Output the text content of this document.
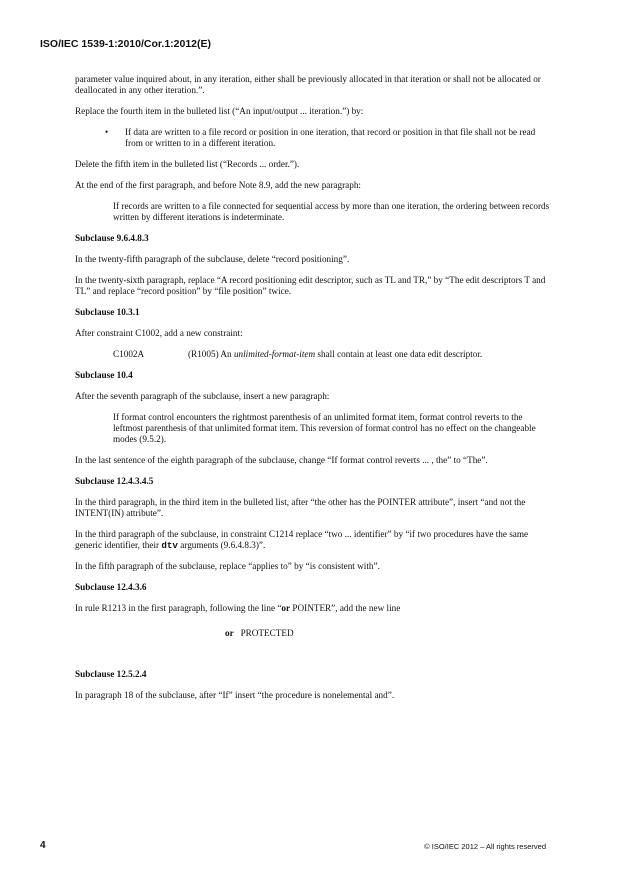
ISO/IEC 1539-1:2010/Cor.1:2012(E)

parameter value inquired about, in any iteration, either shall be previously allocated in that iteration or shall not be allocated or deallocated in any other iteration.”.

Replace the fourth item in the bulleted list (“An input/output ... iteration.”) by:

• If data are written to a file record or position in one iteration, that record or position in that file shall not be read from or written to in a different iteration.

Delete the fifth item in the bulleted list (“Records ... order.”).

At the end of the first paragraph, and before Note 8.9, add the new paragraph:

If records are written to a file connected for sequential access by more than one iteration, the ordering between records written by different iterations is indeterminate.

Subclause 9.6.4.8.3

In the twenty-fifth paragraph of the subclause, delete “record positioning”.

In the twenty-sixth paragraph, replace “A record positioning edit descriptor, such as TL and TR,” by “The edit descriptors T and TL” and replace “record position” by “file position” twice.

Subclause 10.3.1

After constraint C1002, add a new constraint:

C1002A	(R1005) An unlimited-format-item shall contain at least one data edit descriptor.

Subclause 10.4

After the seventh paragraph of the subclause, insert a new paragraph:

If format control encounters the rightmost parenthesis of an unlimited format item, format control reverts to the leftmost parenthesis of that unlimited format item. This reversion of format control has no effect on the changeable modes (9.5.2).

In the last sentence of the eighth paragraph of the subclause, change “If format control reverts ... , the” to “The”.

Subclause 12.4.3.4.5

In the third paragraph, in the third item in the bulleted list, after “the other has the POINTER attribute”, insert “and not the INTENT(IN) attribute”.

In the third paragraph of the subclause, in constraint C1214 replace “two ... identifier” by “if two procedures have the same generic identifier, their dtv arguments (9.6.4.8.3)”.

In the fifth paragraph of the subclause, replace “applies to” by “is consistent with”.

Subclause 12.4.3.6

In rule R1213 in the first paragraph, following the line “or POINTER”, add the new line

or PROTECTED

Subclause 12.5.2.4

In paragraph 18 of the subclause, after “If” insert “the procedure is nonelemental and”.

4	© ISO/IEC 2012 – All rights reserved
